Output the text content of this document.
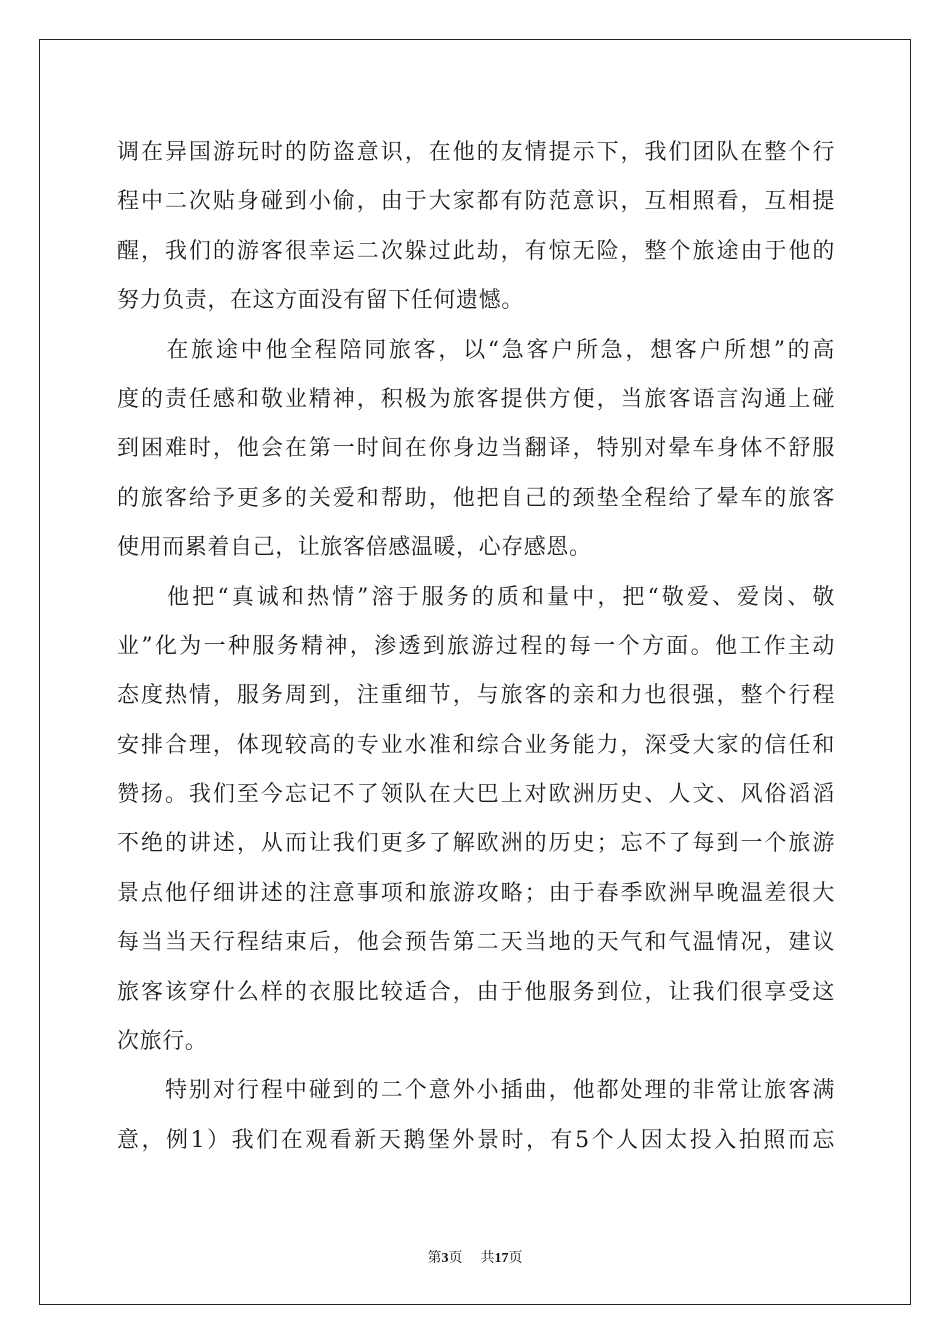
调在异国游玩时的防盗意识，在他的友情提示下，我们团队在整个行
程中二次贴身碰到小偷，由于大家都有防范意识，互相照看，互相提
醒，我们的游客很幸运二次躲过此劫，有惊无险，整个旅途由于他的
努力负责，在这方面没有留下任何遗憾。
　　在旅途中他全程陪同旅客，以“急客户所急，想客户所想”的高
度的责任感和敬业精神，积极为旅客提供方便，当旅客语言沟通上碰
到困难时，他会在第一时间在你身边当翻译，特别对晕车身体不舒服
的旅客给予更多的关爱和帮助，他把自己的颈垫全程给了晕车的旅客
使用而累着自己，让旅客倍感温暖，心存感恩。
　　他把“真诚和热情”溶于服务的质和量中，把“敬爱、爱岗、敬
业”化为一种服务精神，渗透到旅游过程的每一个方面。他工作主动
态度热情，服务周到，注重细节，与旅客的亲和力也很强，整个行程
安排合理，体现较高的专业水准和综合业务能力，深受大家的信任和
赞扬。我们至今忘记不了领队在大巴上对欧洲历史、人文、风俗滔滔
不绝的讲述，从而让我们更多了解欧洲的历史；忘不了每到一个旅游
景点他仔细讲述的注意事项和旅游攻略；由于春季欧洲早晚温差很大
每当当天行程结束后，他会预告第二天当地的天气和气温情况，建议
旅客该穿什么样的衣服比较适合，由于他服务到位，让我们很享受这
次旅行。
　　特别对行程中碰到的二个意外小插曲，他都处理的非常让旅客满
意，例1）我们在观看新天鹅堡外景时，有5个人因太投入拍照而忘
第3页 共17页
